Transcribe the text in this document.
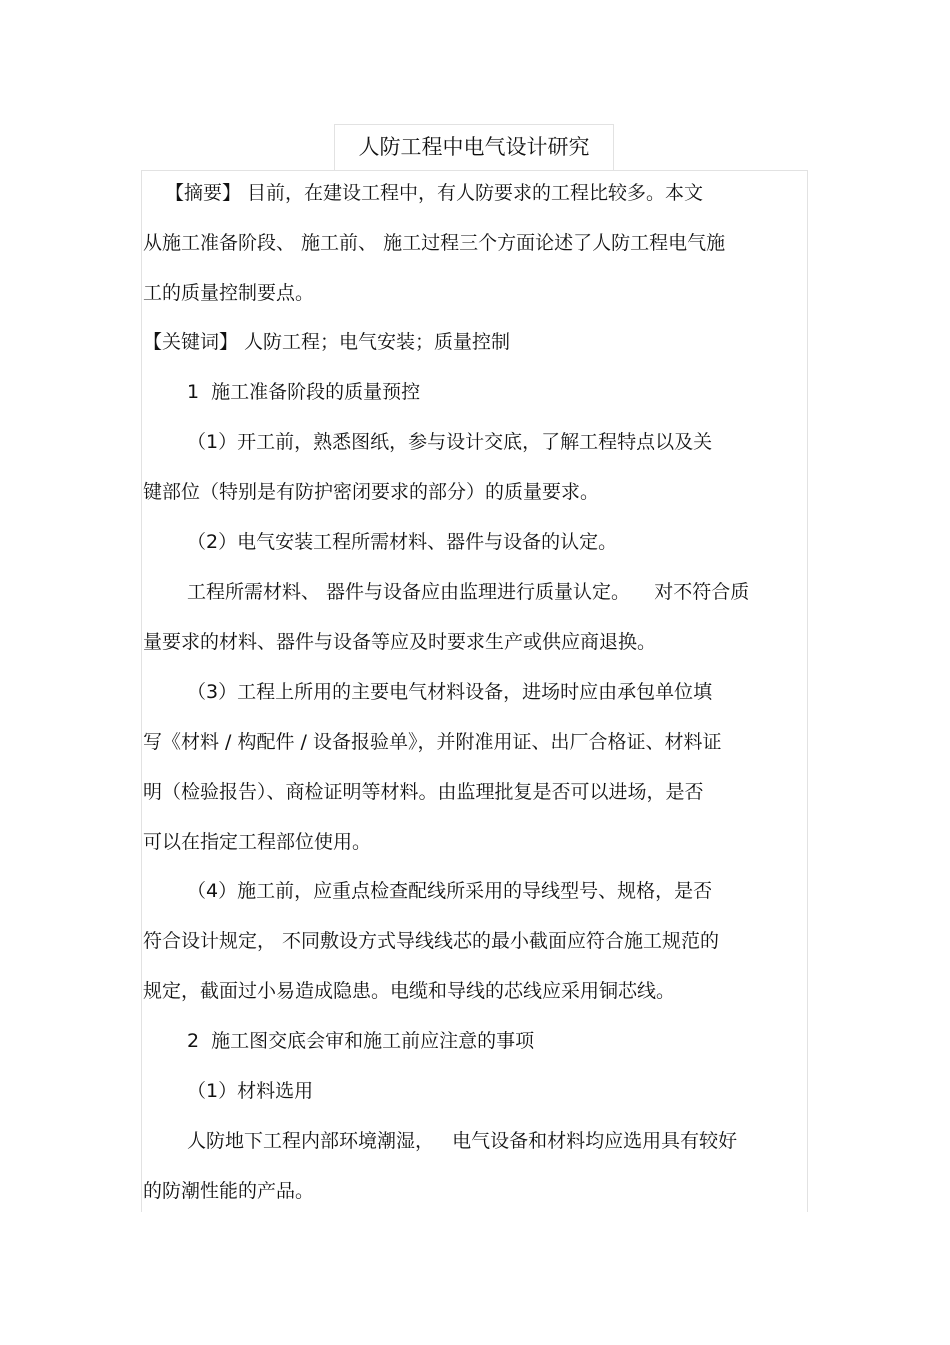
人防工程中电气设计研究
【摘要】 目前，在建设工程中，有人防要求的工程比较多。本文
从施工准备阶段、 施工前、 施工过程三个方面论述了人防工程电气施
工的质量控制要点。
【关键词】 人防工程；电气安装；质量控制
1  施工准备阶段的质量预控
（1）开工前，熟悉图纸，参与设计交底，了解工程特点以及关
键部位（特别是有防护密闭要求的部分）的质量要求。
（2）电气安装工程所需材料、器件与设备的认定。
工程所需材料、 器件与设备应由监理进行质量认定。    对不符合质
量要求的材料、器件与设备等应及时要求生产或供应商退换。
（3）工程上所用的主要电气材料设备，进场时应由承包单位填
写《材料 / 构配件 / 设备报验单》，并附准用证、出厂合格证、材料证
明（检验报告）、商检证明等材料。由监理批复是否可以进场，是否
可以在指定工程部位使用。
（4）施工前，应重点检查配线所采用的导线型号、规格，是否
符合设计规定， 不同敷设方式导线线芯的最小截面应符合施工规范的
规定，截面过小易造成隐患。电缆和导线的芯线应采用铜芯线。
2  施工图交底会审和施工前应注意的事项
（1）材料选用
人防地下工程内部环境潮湿，   电气设备和材料均应选用具有较好
的防潮性能的产品。
